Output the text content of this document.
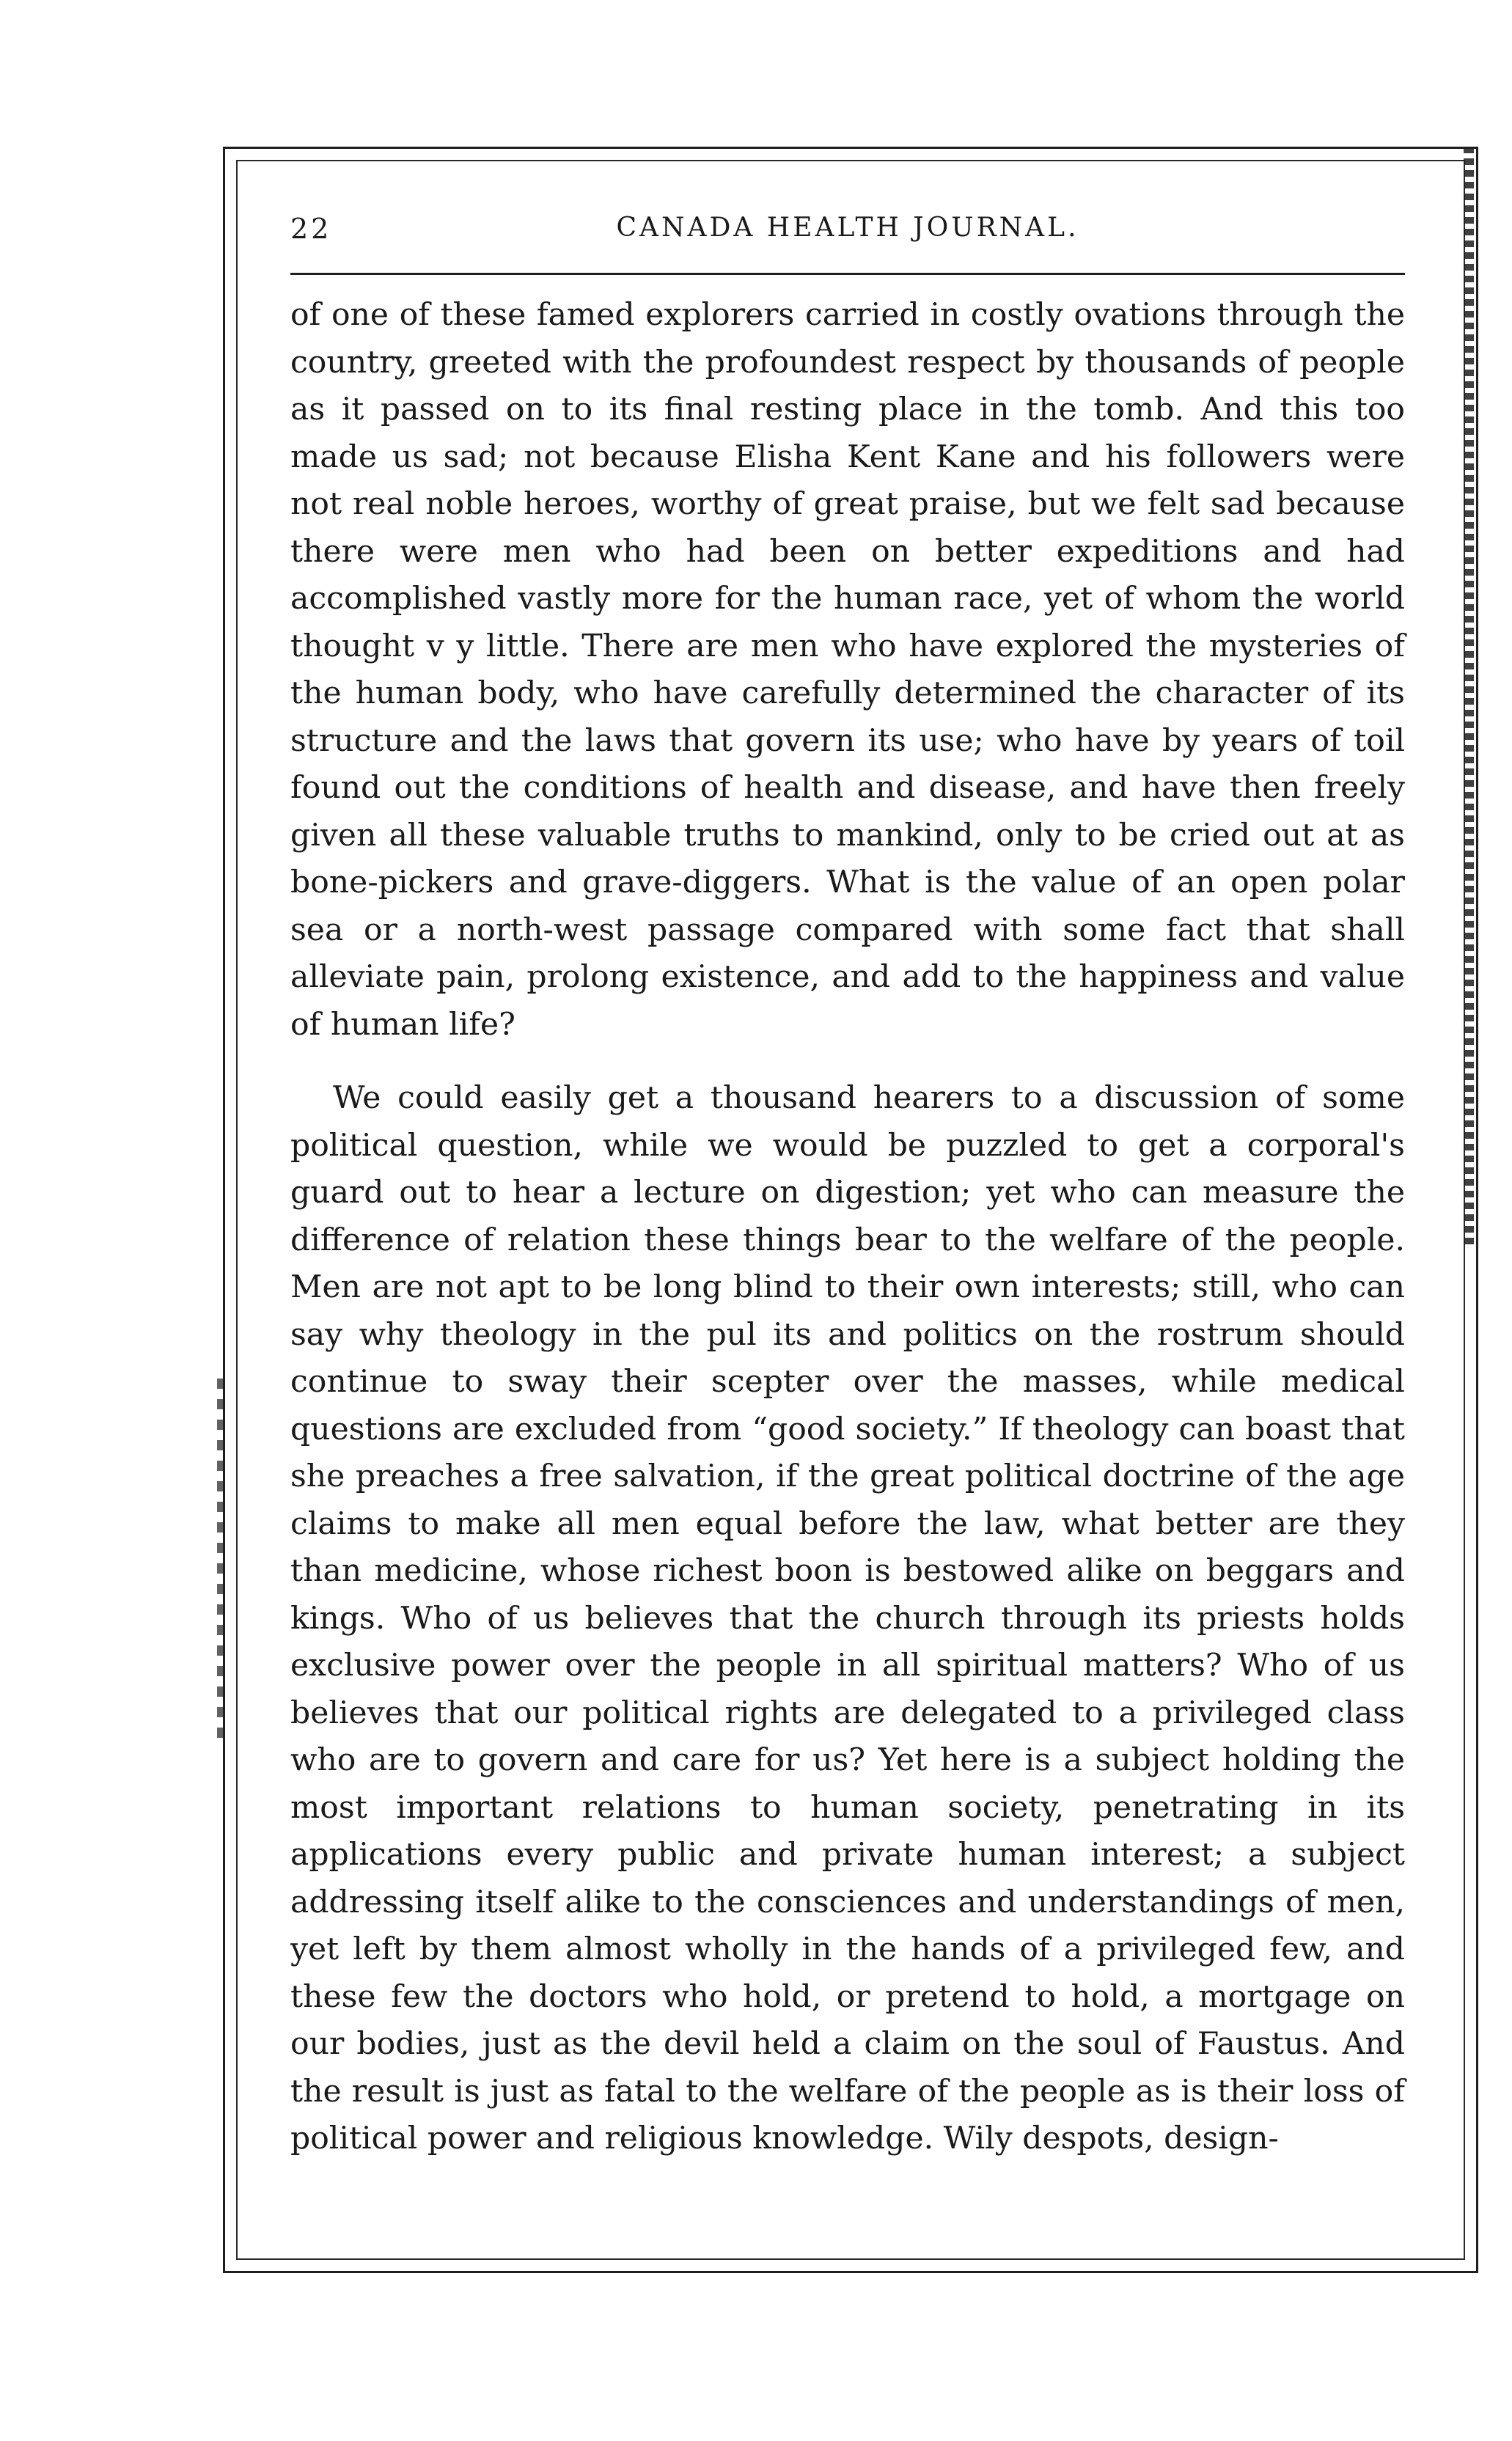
CANADA HEALTH JOURNAL.
22

of one of these famed explorers carried in costly ovations through the country, greeted with the profoundest respect by thousands of people as it passed on to its final resting place in the tomb. And this too made us sad; not because Elisha Kent Kane and his followers were not real noble heroes, worthy of great praise, but we felt sad because there were men who had been on better expeditions and had accomplished vastly more for the human race, yet of whom the world thought v y little. There are men who have explored the mysteries of the human body, who have carefully determined the character of its structure and the laws that govern its use; who have by years of toil found out the conditions of health and disease, and have then freely given all these valuable truths to mankind, only to be cried out at as bone-pickers and grave-diggers. What is the value of an open polar sea or a north-west passage compared with some fact that shall alleviate pain, prolong existence, and add to the happiness and value of human life?

We could easily get a thousand hearers to a discussion of some political question, while we would be puzzled to get a corporal's guard out to hear a lecture on digestion; yet who can measure the difference of relation these things bear to the welfare of the people. Men are not apt to be long blind to their own interests; still, who can say why theology in the pul its and politics on the rostrum should continue to sway their scepter over the masses, while medical questions are excluded from “good society.” If theology can boast that she preaches a free salvation, if the great political doctrine of the age claims to make all men equal before the law, what better are they than medicine, whose richest boon is bestowed alike on beggars and kings. Who of us believes that the church through its priests holds exclusive power over the people in all spiritual matters? Who of us believes that our political rights are delegated to a privileged class who are to govern and care for us? Yet here is a subject holding the most important relations to human society, penetrating in its applications every public and private human interest; a subject addressing itself alike to the consciences and understandings of men, yet left by them almost wholly in the hands of a privileged few, and these few the doctors who hold, or pretend to hold, a mortgage on our bodies, just as the devil held a claim on the soul of Faustus. And the result is just as fatal to the welfare of the people as is their loss of political power and religious knowledge. Wily despots, design-
